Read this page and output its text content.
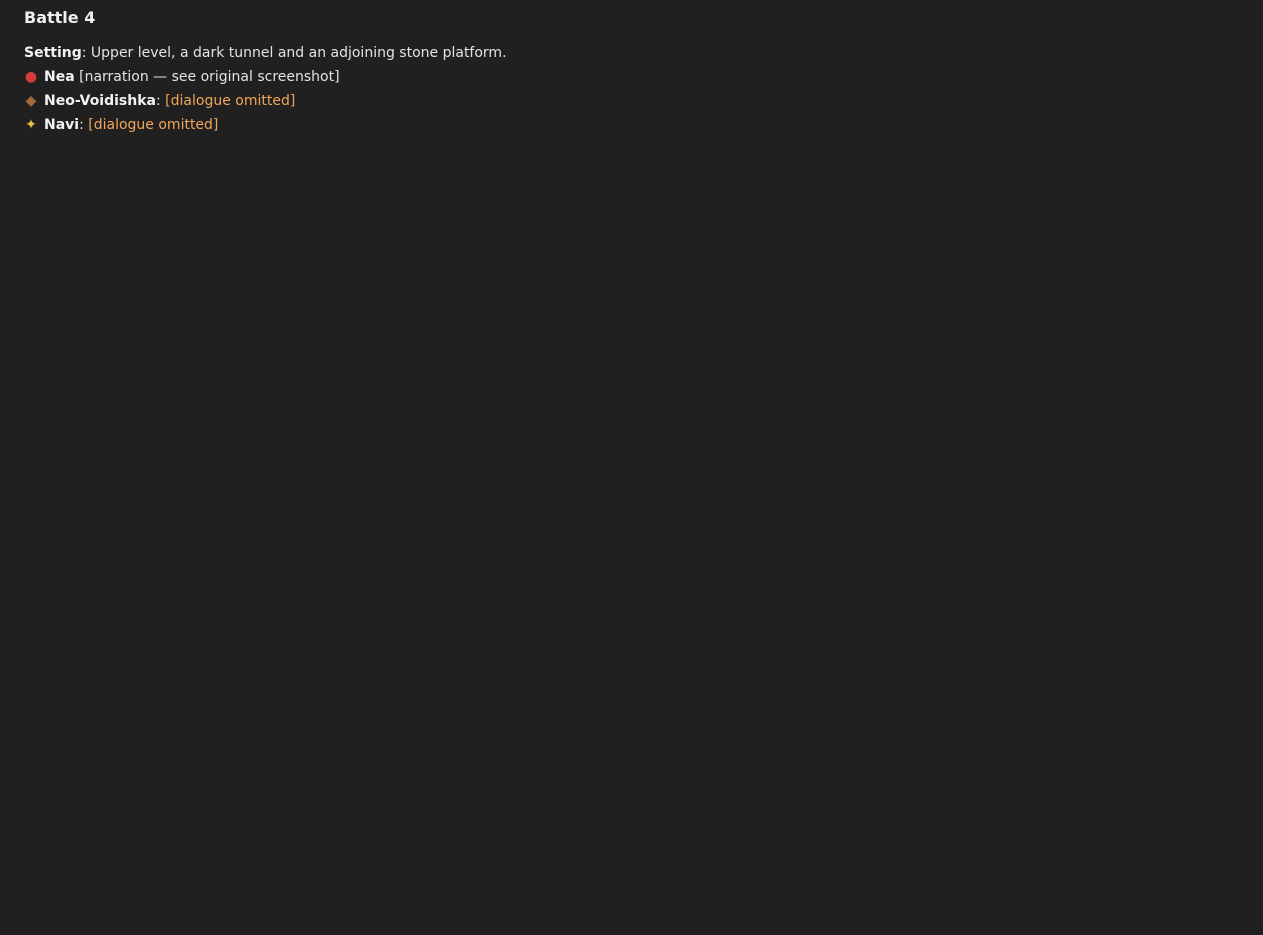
Battle 4

Setting: Upper level, a dark tunnel and an adjoining stone platform.

● Nea [narration — see original screenshot]

◆ Neo-Voidishka: [dialogue omitted]

✦ Navi: [dialogue omitted]
